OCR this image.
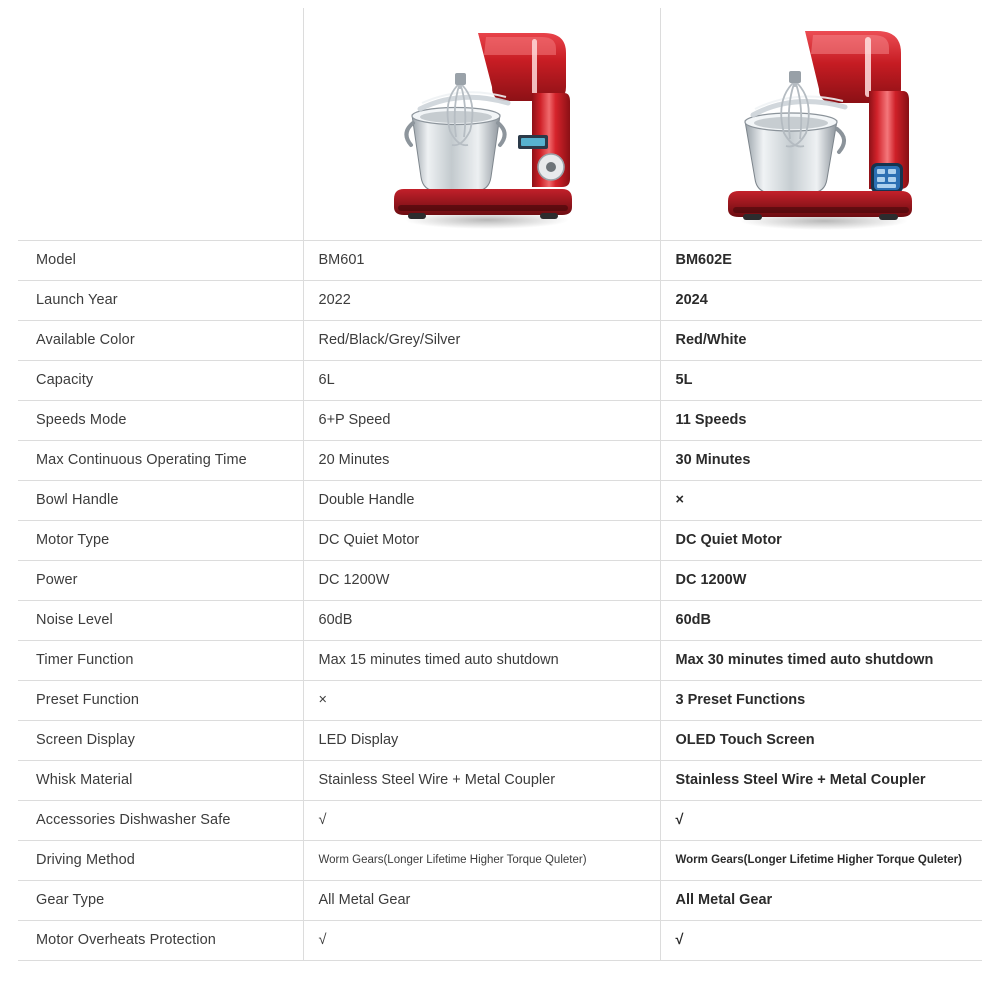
Model	BM601	BM602E

Launch Year	2022	2024

Available Color	Red/Black/Grey/Silver	Red/White

Capacity	6L	5L

Speeds Mode	6+P Speed	11 Speeds

Max Continuous Operating Time	20 Minutes	30 Minutes

Bowl Handle	Double Handle	×

Motor Type	DC Quiet Motor	DC Quiet Motor

Power	DC 1200W	DC 1200W

Noise Level	60dB	60dB

Timer Function	Max 15 minutes timed auto shutdown	Max 30 minutes timed auto shutdown

Preset Function	×	3 Preset Functions

Screen Display	LED Display	OLED Touch Screen

Whisk Material	Stainless Steel Wire + Metal Coupler	Stainless Steel Wire + Metal Coupler

Accessories Dishwasher Safe	√	√

Driving Method	Worm Gears(Longer Lifetime Higher Torque Quleter)	Worm Gears(Longer Lifetime Higher Torque Quleter)

Gear Type	All Metal Gear	All Metal Gear

Motor Overheats Protection	√	√
